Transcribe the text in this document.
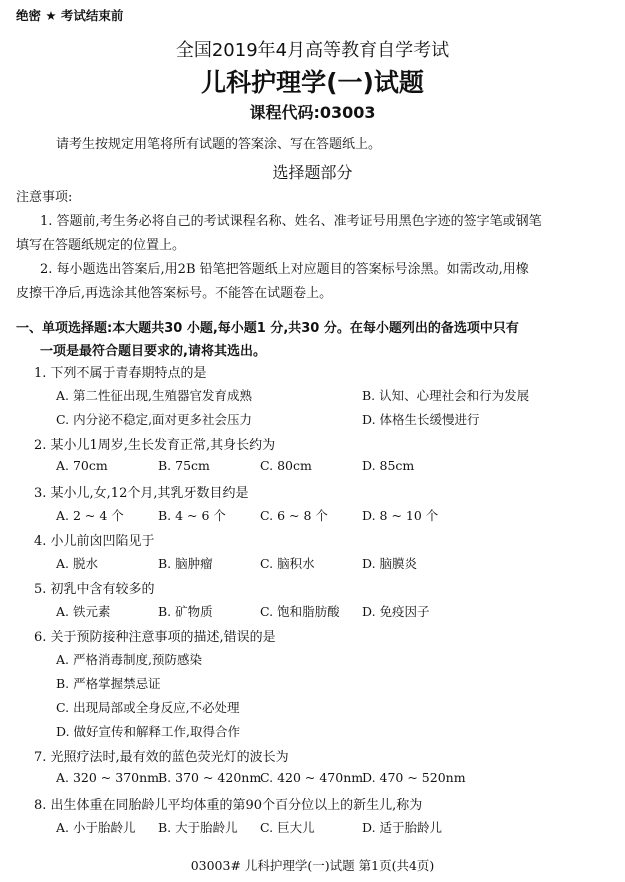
绝密 ★ 考试结束前
全国2019年4月高等教育自学考试
儿科护理学(一)试题
课程代码:03003
请考生按规定用笔将所有试题的答案涂、写在答题纸上。
选择题部分
注意事项:
1. 答题前,考生务必将自己的考试课程名称、姓名、准考证号用黑色字迹的签字笔或钢笔
填写在答题纸规定的位置上。
2. 每小题选出答案后,用2B 铅笔把答题纸上对应题目的答案标号涂黑。如需改动,用橡
皮擦干净后,再选涂其他答案标号。不能答在试题卷上。
一、单项选择题:本大题共30 小题,每小题1 分,共30 分。在每小题列出的备选项中只有
一项是最符合题目要求的,请将其选出。
1. 下列不属于青春期特点的是
A. 第二性征出现,生殖器官发育成熟	B. 认知、心理社会和行为发展
C. 内分泌不稳定,面对更多社会压力	D. 体格生长缓慢进行
2. 某小儿1周岁,生长发育正常,其身长约为
A. 70cm	B. 75cm	C. 80cm	D. 85cm
3. 某小儿,女,12个月,其乳牙数目约是
A. 2 ~ 4 个	B. 4 ~ 6 个	C. 6 ~ 8 个	D. 8 ~ 10 个
4. 小儿前囟凹陷见于
A. 脱水	B. 脑肿瘤	C. 脑积水	D. 脑膜炎
5. 初乳中含有较多的
A. 铁元素	B. 矿物质	C. 饱和脂肪酸 D. 免疫因子
6. 关于预防接种注意事项的描述,错误的是
A. 严格消毒制度,预防感染
B. 严格掌握禁忌证
C. 出现局部或全身反应,不必处理
D. 做好宣传和解释工作,取得合作
7. 光照疗法时,最有效的蓝色荧光灯的波长为
A. 320 ~ 370nm
B. 370 ~ 420nm
C. 420 ~ 470nm
D. 470 ~ 520nm
8. 出生体重在同胎龄儿平均体重的第90个百分位以上的新生儿,称为
A. 小于胎龄儿 B. 大于胎龄儿 C. 巨大儿	D. 适于胎龄儿
03003# 儿科护理学(一)试题 第1页(共4页)
